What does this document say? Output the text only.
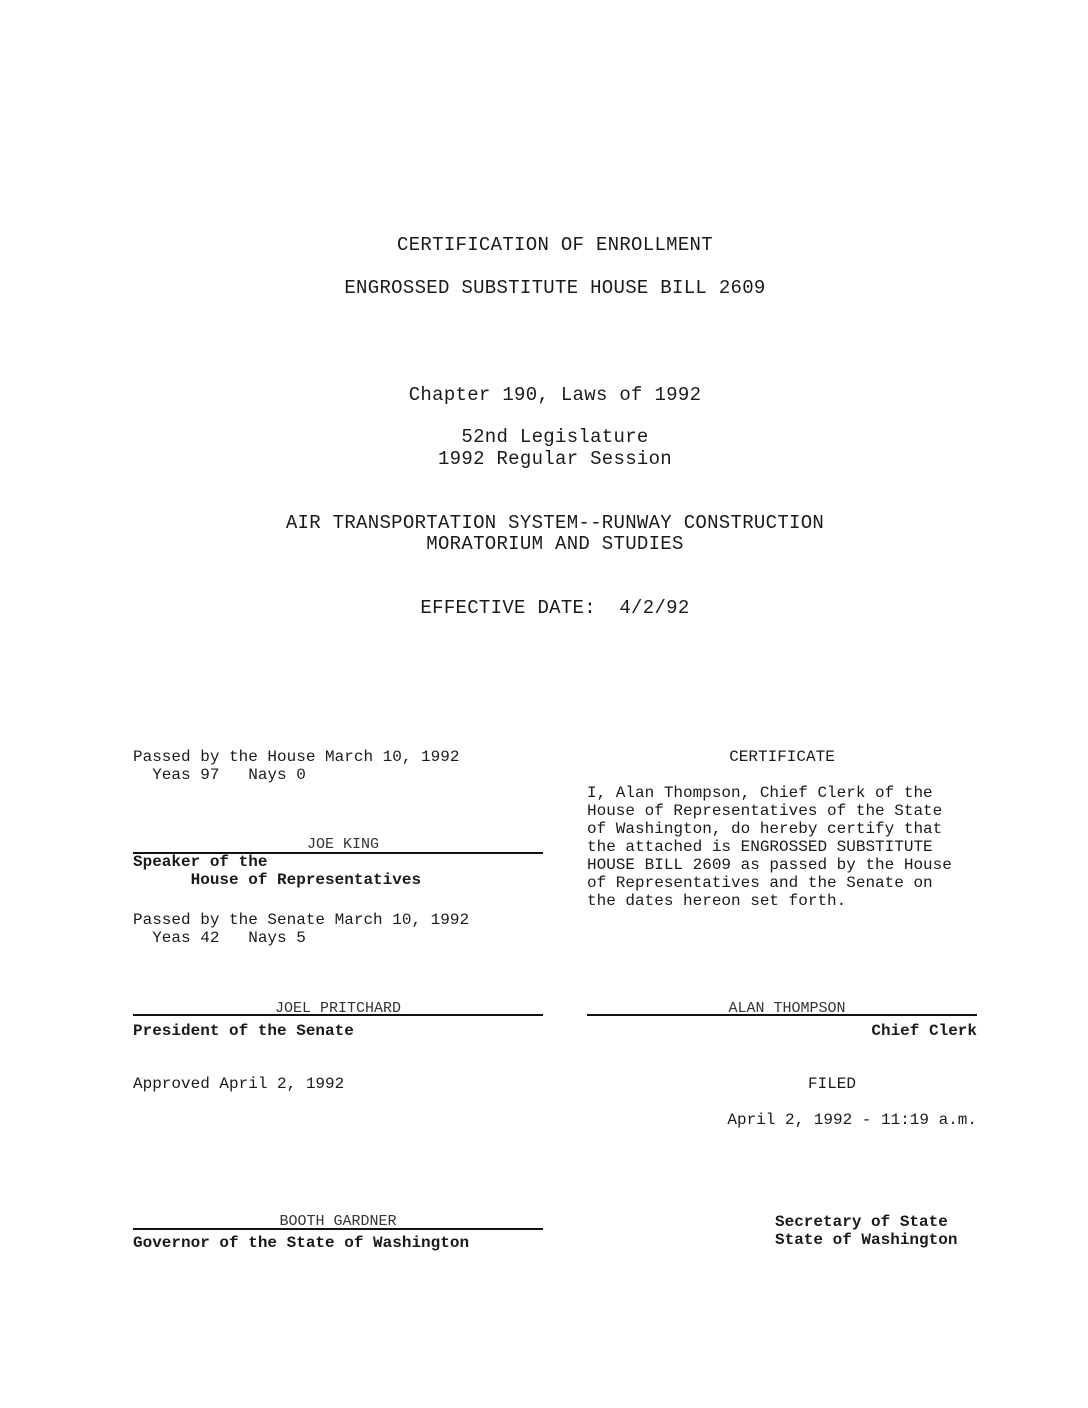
CERTIFICATION OF ENROLLMENT
ENGROSSED SUBSTITUTE HOUSE BILL 2609
Chapter 190, Laws of 1992
52nd Legislature
1992 Regular Session
AIR TRANSPORTATION SYSTEM--RUNWAY CONSTRUCTION
MORATORIUM AND STUDIES
EFFECTIVE DATE:  4/2/92
Passed by the House March 10, 1992
Yeas 97   Nays 0
JOE KING
Speaker of the
House of Representatives
Passed by the Senate March 10, 1992
Yeas 42   Nays 5
JOEL PRITCHARD
President of the Senate
Approved April 2, 1992
BOOTH GARDNER
Governor of the State of Washington
CERTIFICATE
I, Alan Thompson, Chief Clerk of the
House of Representatives of the State
of Washington, do hereby certify that
the attached is ENGROSSED SUBSTITUTE
HOUSE BILL 2609 as passed by the House
of Representatives and the Senate on
the dates hereon set forth.
ALAN THOMPSON
Chief Clerk
FILED
April 2, 1992 - 11:19 a.m.
Secretary of State
State of Washington
